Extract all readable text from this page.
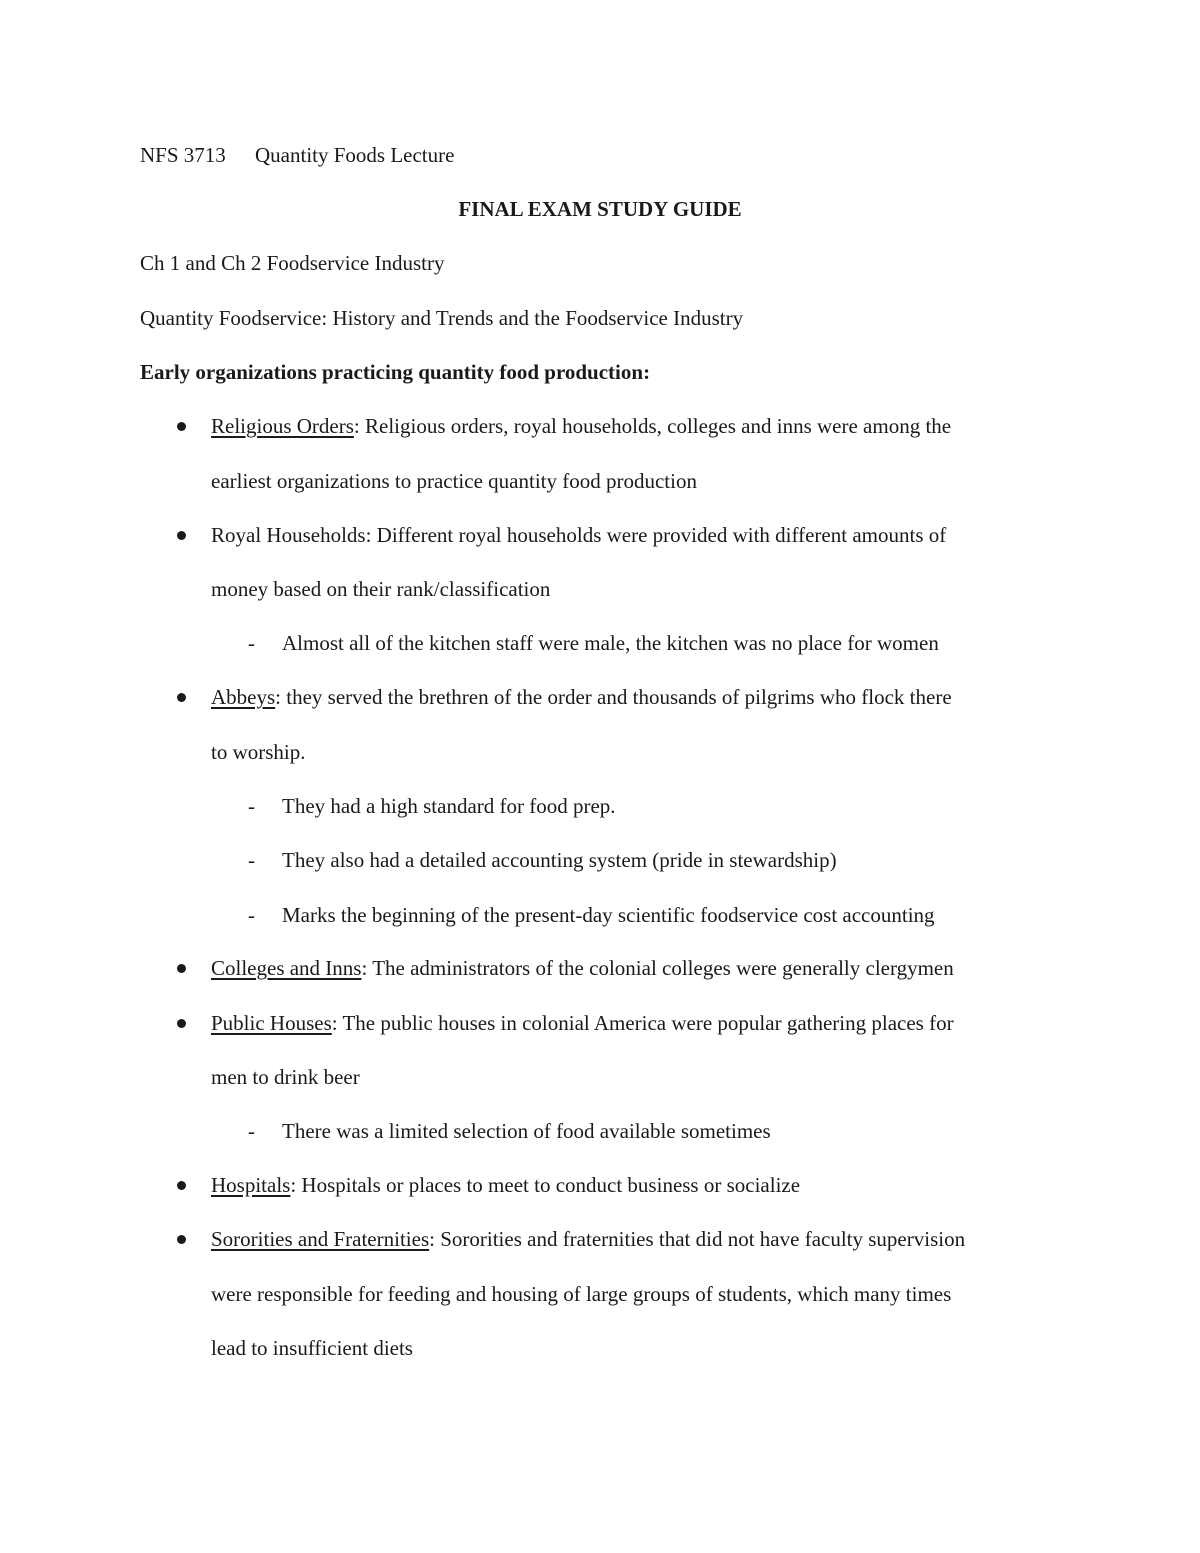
NFS 3713 Quantity Foods Lecture
FINAL EXAM STUDY GUIDE
Ch 1 and Ch 2 Foodservice Industry
Quantity Foodservice: History and Trends and the Foodservice Industry
Early organizations practicing quantity food production:
Religious Orders: Religious orders, royal households, colleges and inns were among the
earliest organizations to practice quantity food production
Royal Households: Different royal households were provided with different amounts of
money based on their rank/classification
- Almost all of the kitchen staff were male, the kitchen was no place for women
Abbeys: they served the brethren of the order and thousands of pilgrims who flock there
to worship.
- They had a high standard for food prep.
- They also had a detailed accounting system (pride in stewardship)
- Marks the beginning of the present-day scientific foodservice cost accounting
Colleges and Inns: The administrators of the colonial colleges were generally clergymen
Public Houses: The public houses in colonial America were popular gathering places for
men to drink beer
- There was a limited selection of food available sometimes
Hospitals: Hospitals or places to meet to conduct business or socialize
Sororities and Fraternities: Sororities and fraternities that did not have faculty supervision
were responsible for feeding and housing of large groups of students, which many times
lead to insufficient diets
